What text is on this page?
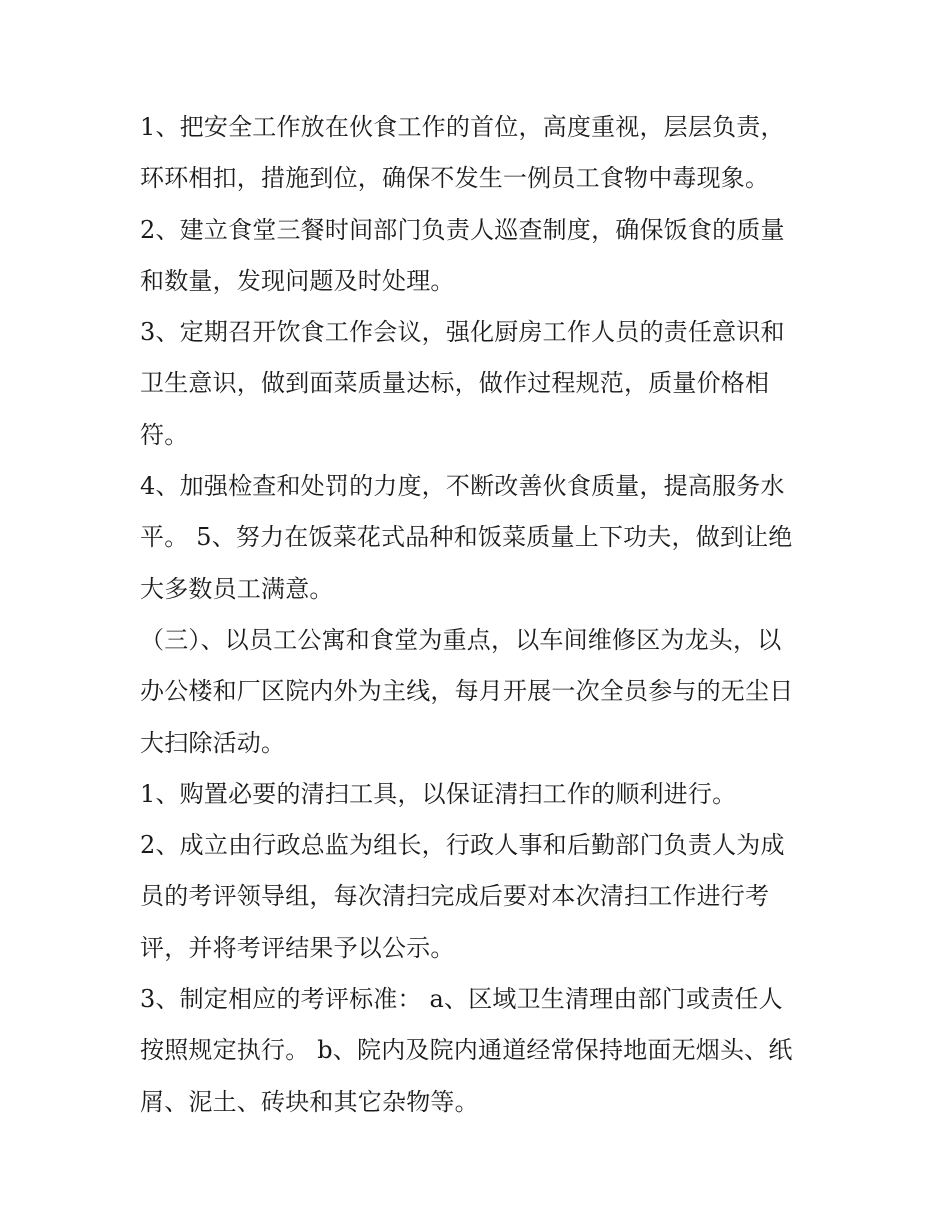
1、把安全工作放在伙食工作的首位，高度重视，层层负责，

环环相扣，措施到位，确保不发生一例员工食物中毒现象。

2、建立食堂三餐时间部门负责人巡查制度，确保饭食的质量

和数量，发现问题及时处理。

3、定期召开饮食工作会议，强化厨房工作人员的责任意识和

卫生意识，做到面菜质量达标，做作过程规范，质量价格相

符。

4、加强检查和处罚的力度，不断改善伙食质量，提高服务水

平。 5、努力在饭菜花式品种和饭菜质量上下功夫，做到让绝

大多数员工满意。

（三）、以员工公寓和食堂为重点，以车间维修区为龙头，以

办公楼和厂区院内外为主线，每月开展一次全员参与的无尘日

大扫除活动。

1、购置必要的清扫工具，以保证清扫工作的顺利进行。

2、成立由行政总监为组长，行政人事和后勤部门负责人为成

员的考评领导组，每次清扫完成后要对本次清扫工作进行考

评，并将考评结果予以公示。

3、制定相应的考评标准： a、区域卫生清理由部门或责任人

按照规定执行。 b、院内及院内通道经常保持地面无烟头、纸

屑、泥土、砖块和其它杂物等。
